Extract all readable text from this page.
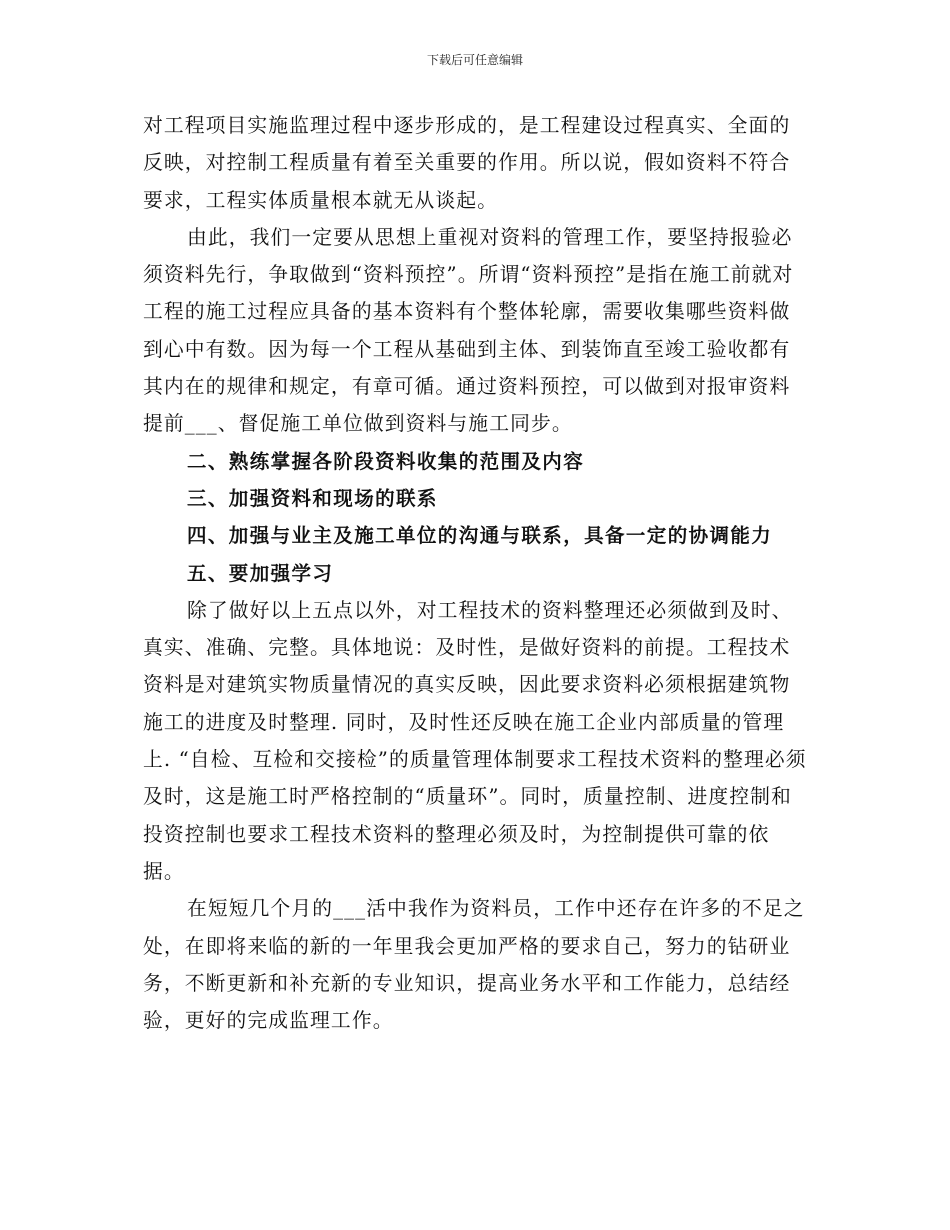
下载后可任意编辑

对工程项目实施监理过程中逐步形成的，是工程建设过程真实、全面的反映，对控制工程质量有着至关重要的作用。所以说，假如资料不符合要求，工程实体质量根本就无从谈起。

由此，我们一定要从思想上重视对资料的管理工作，要坚持报验必须资料先行，争取做到“资料预控”。所谓“资料预控”是指在施工前就对工程的施工过程应具备的基本资料有个整体轮廓，需要收集哪些资料做到心中有数。因为每一个工程从基础到主体、到装饰直至竣工验收都有其内在的规律和规定，有章可循。通过资料预控，可以做到对报审资料提前___、督促施工单位做到资料与施工同步。

二、熟练掌握各阶段资料收集的范围及内容

三、加强资料和现场的联系

四、加强与业主及施工单位的沟通与联系，具备一定的协调能力

五、要加强学习

除了做好以上五点以外，对工程技术的资料整理还必须做到及时、真实、准确、完整。具体地说：及时性，是做好资料的前提。工程技术资料是对建筑实物质量情况的真实反映，因此要求资料必须根据建筑物施工的进度及时整理. 同时，及时性还反映在施工企业内部质量的管理上. “自检、互检和交接检”的质量管理体制要求工程技术资料的整理必须及时，这是施工时严格控制的“质量环”。同时，质量控制、进度控制和投资控制也要求工程技术资料的整理必须及时，为控制提供可靠的依据。

在短短几个月的___活中我作为资料员，工作中还存在许多的不足之处，在即将来临的新的一年里我会更加严格的要求自己，努力的钻研业务，不断更新和补充新的专业知识，提高业务水平和工作能力，总结经验，更好的完成监理工作。
